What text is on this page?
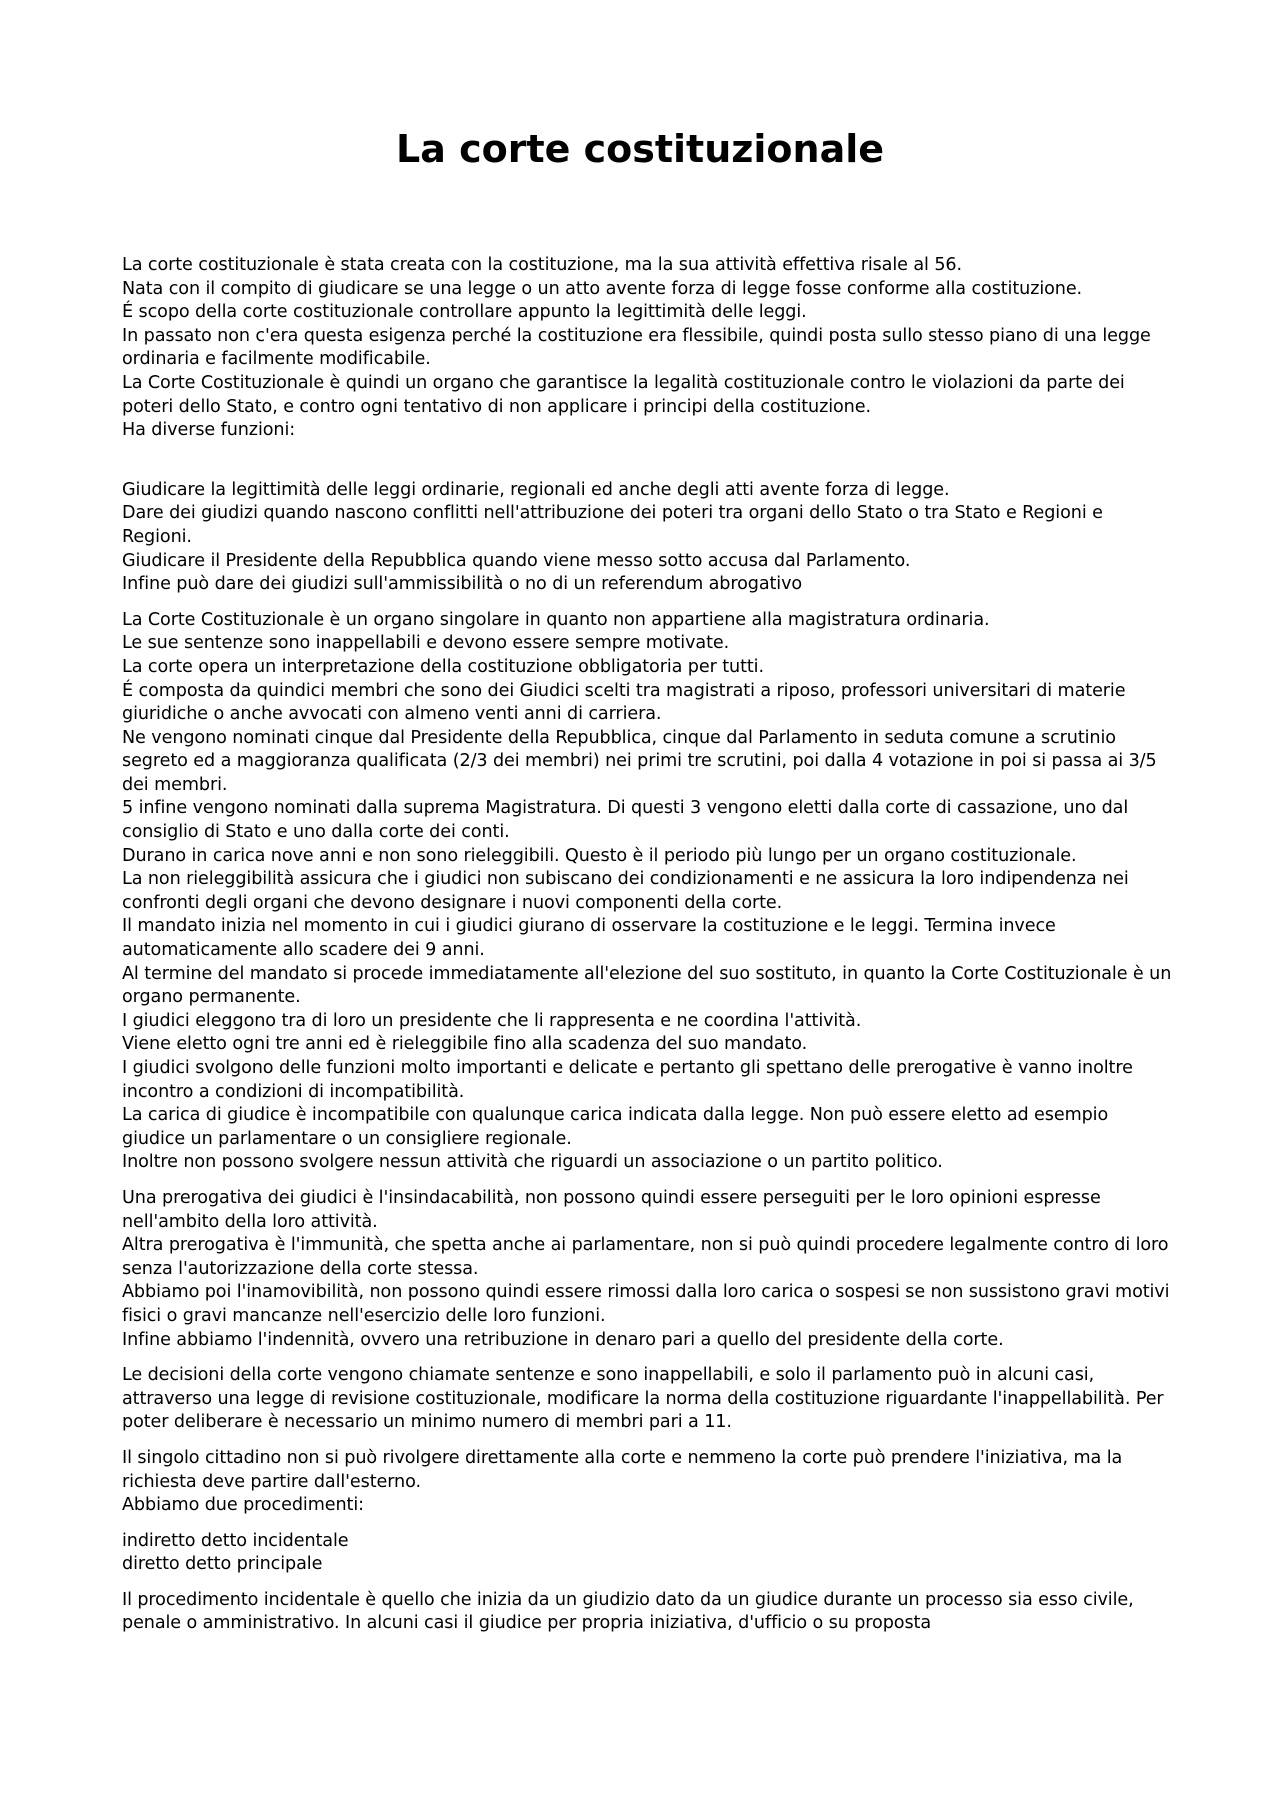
La corte costituzionale

La corte costituzionale è stata creata con la costituzione, ma la sua attività effettiva risale al 56.
Nata con il compito di giudicare se una legge o un atto avente forza di legge fosse conforme alla costituzione.
É scopo della corte costituzionale controllare appunto la legittimità delle leggi.
In passato non c'era questa esigenza perché la costituzione era flessibile, quindi posta sullo stesso piano di una legge ordinaria e facilmente modificabile.
La Corte Costituzionale è quindi un organo che garantisce la legalità costituzionale contro le violazioni da parte dei poteri dello Stato, e contro ogni tentativo di non applicare i principi della costituzione.
Ha diverse funzioni:

Giudicare la legittimità delle leggi ordinarie, regionali ed anche degli atti avente forza di legge.
Dare dei giudizi quando nascono conflitti nell'attribuzione dei poteri tra organi dello Stato o tra Stato e Regioni e Regioni.
Giudicare il Presidente della Repubblica quando viene messo sotto accusa dal Parlamento.
Infine può dare dei giudizi sull'ammissibilità o no di un referendum abrogativo

La Corte Costituzionale è un organo singolare in quanto non appartiene alla magistratura ordinaria.
Le sue sentenze sono inappellabili e devono essere sempre motivate.
La corte opera un interpretazione della costituzione obbligatoria per tutti.
É composta da quindici membri che sono dei Giudici scelti tra magistrati a riposo, professori universitari di materie giuridiche o anche avvocati con almeno venti anni di carriera.
Ne vengono nominati cinque dal Presidente della Repubblica, cinque dal Parlamento in seduta comune a scrutinio segreto ed a maggioranza qualificata (2/3 dei membri) nei primi tre scrutini, poi dalla 4 votazione in poi si passa ai 3/5 dei membri.
5 infine vengono nominati dalla suprema Magistratura. Di questi 3 vengono eletti dalla corte di cassazione, uno dal consiglio di Stato e uno dalla corte dei conti.
Durano in carica nove anni e non sono rieleggibili. Questo è il periodo più lungo per un organo costituzionale.
La non rieleggibilità assicura che i giudici non subiscano dei condizionamenti e ne assicura la loro indipendenza nei confronti degli organi che devono designare i nuovi componenti della corte.
Il mandato inizia nel momento in cui i giudici giurano di osservare la costituzione e le leggi. Termina invece automaticamente allo scadere dei 9 anni.
Al termine del mandato si procede immediatamente all'elezione del suo sostituto, in quanto la Corte Costituzionale è un organo permanente.
I giudici eleggono tra di loro un presidente che li rappresenta e ne coordina l'attività.
Viene eletto ogni tre anni ed è rieleggibile fino alla scadenza del suo mandato.
I giudici svolgono delle funzioni molto importanti e delicate e pertanto gli spettano delle prerogative è vanno inoltre incontro a condizioni di incompatibilità.
La carica di giudice è incompatibile con qualunque carica indicata dalla legge. Non può essere eletto ad esempio giudice un parlamentare o un consigliere regionale.
Inoltre non possono svolgere nessun attività che riguardi un associazione o un partito politico.

Una prerogativa dei giudici è l'insindacabilità, non possono quindi essere perseguiti per le loro opinioni espresse nell'ambito della loro attività.
Altra prerogativa è l'immunità, che spetta anche ai parlamentare, non si può quindi procedere legalmente contro di loro senza l'autorizzazione della corte stessa.
Abbiamo poi l'inamovibilità, non possono quindi essere rimossi dalla loro carica o sospesi se non sussistono gravi motivi fisici o gravi mancanze nell'esercizio delle loro funzioni.
Infine abbiamo l'indennità, ovvero una retribuzione in denaro pari a quello del presidente della corte.

Le decisioni della corte vengono chiamate sentenze e sono inappellabili, e solo il parlamento può in alcuni casi, attraverso una legge di revisione costituzionale, modificare la norma della costituzione riguardante l'inappellabilità. Per poter deliberare è necessario un minimo numero di membri pari a 11.

Il singolo cittadino non si può rivolgere direttamente alla corte e nemmeno la corte può prendere l'iniziativa, ma la richiesta deve partire dall'esterno.
Abbiamo due procedimenti:

indiretto detto incidentale
diretto detto principale

Il procedimento incidentale è quello che inizia da un giudizio dato da un giudice durante un processo sia esso civile, penale o amministrativo. In alcuni casi il giudice per propria iniziativa, d'ufficio o su proposta
